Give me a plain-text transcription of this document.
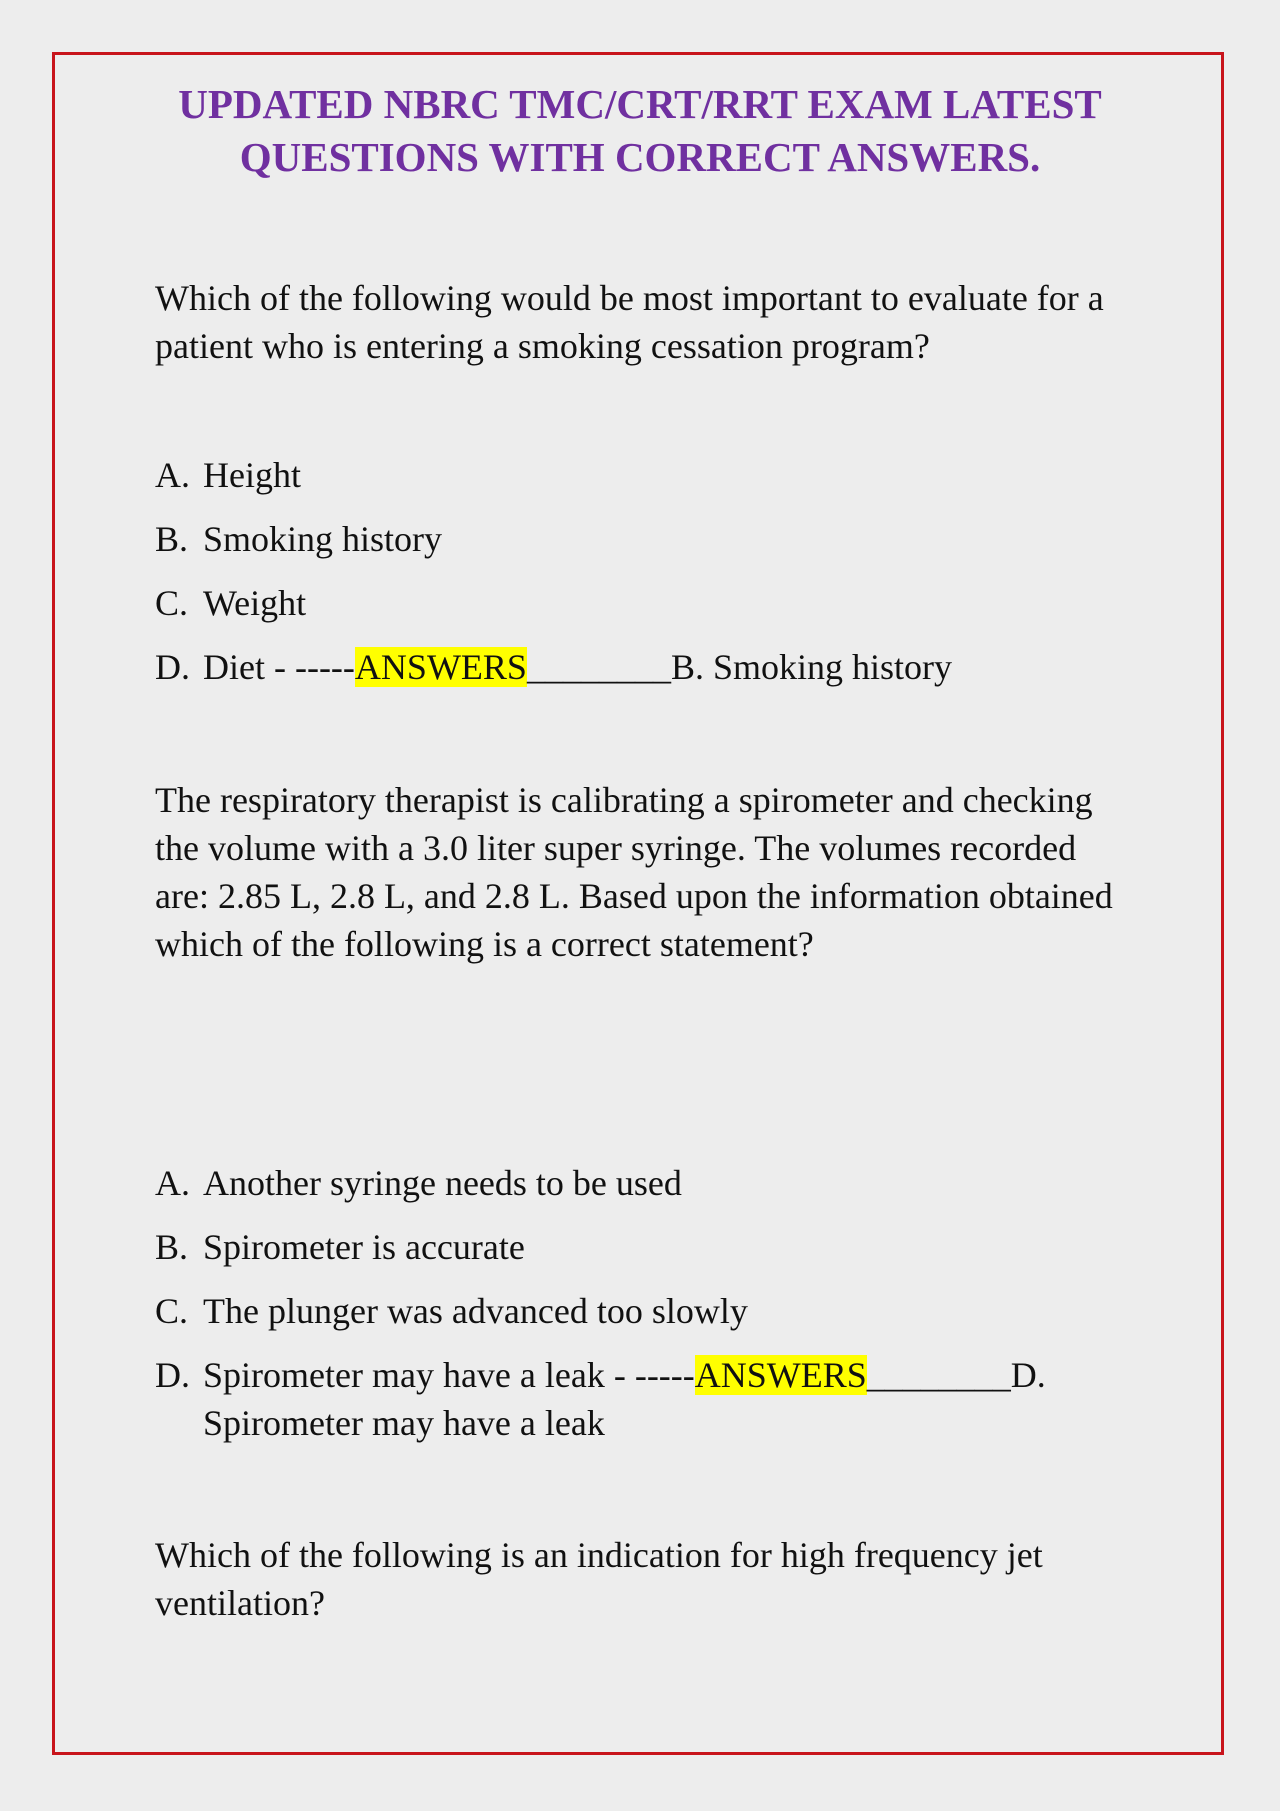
UPDATED NBRC TMC/CRT/RRT EXAM LATEST
QUESTIONS WITH CORRECT ANSWERS.

Which of the following would be most important to evaluate for a patient who is entering a smoking cessation program?

A. Height
B. Smoking history
C. Weight
D. Diet - -----ANSWERS________B. Smoking history

The respiratory therapist is calibrating a spirometer and checking the volume with a 3.0 liter super syringe. The volumes recorded are: 2.85 L, 2.8 L, and 2.8 L. Based upon the information obtained which of the following is a correct statement?

A. Another syringe needs to be used
B. Spirometer is accurate
C. The plunger was advanced too slowly
D. Spirometer may have a leak - -----ANSWERS________D. Spirometer may have a leak

Which of the following is an indication for high frequency jet ventilation?
